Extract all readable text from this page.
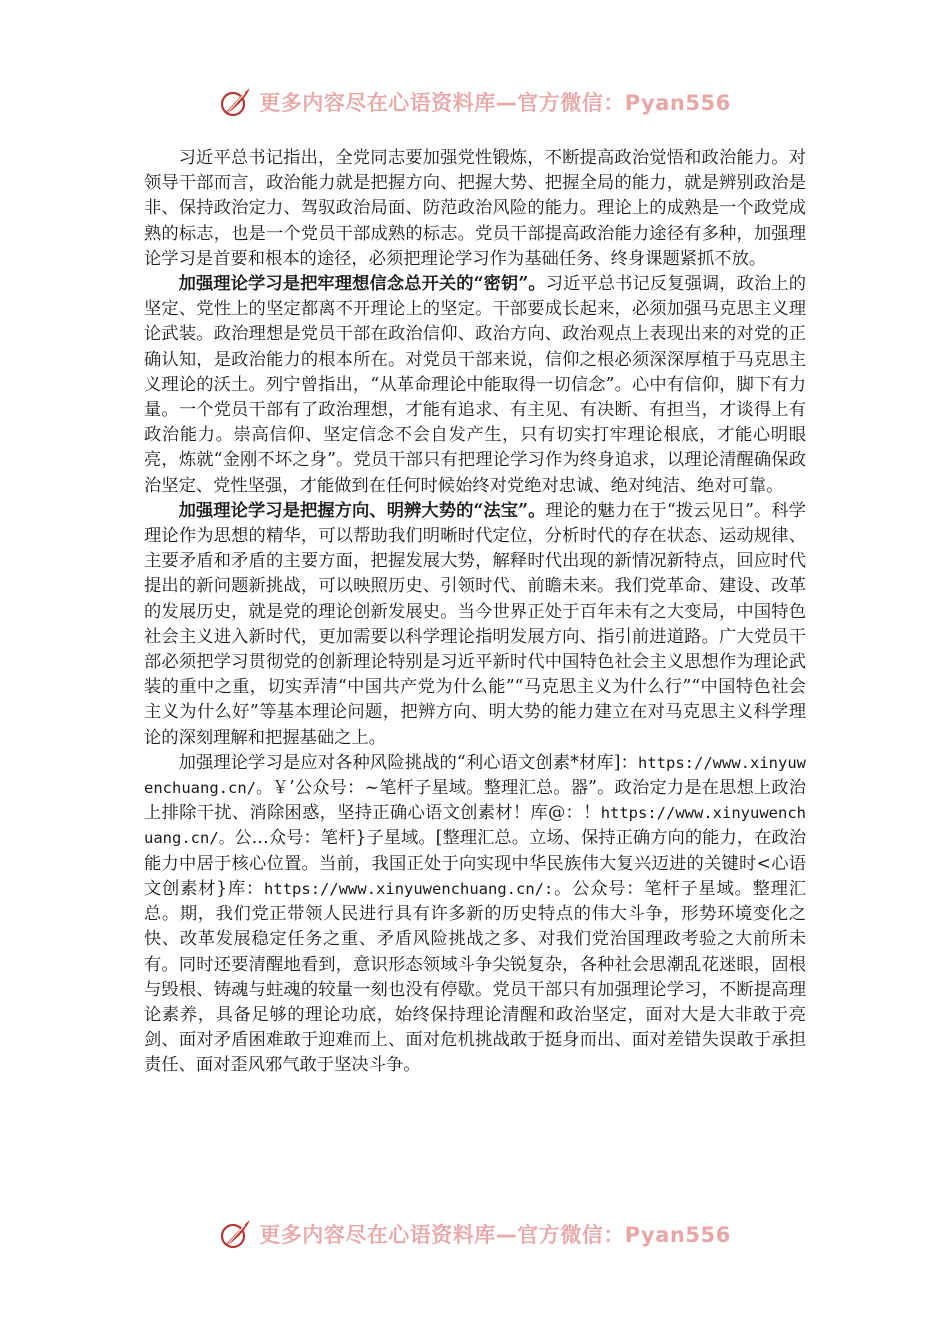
更多内容尽在心语资料库—官方微信：Pyan556

习近平总书记指出，全党同志要加强党性锻炼，不断提高政治觉悟和政治能力。对领导干部而言，政治能力就是把握方向、把握大势、把握全局的能力，就是辨别政治是非、保持政治定力、驾驭政治局面、防范政治风险的能力。理论上的成熟是一个政党成熟的标志，也是一个党员干部成熟的标志。党员干部提高政治能力途径有多种，加强理论学习是首要和根本的途径，必须把理论学习作为基础任务、终身课题紧抓不放。

加强理论学习是把牢理想信念总开关的“密钥”。习近平总书记反复强调，政治上的坚定、党性上的坚定都离不开理论上的坚定。干部要成长起来，必须加强马克思主义理论武装。政治理想是党员干部在政治信仰、政治方向、政治观点上表现出来的对党的正确认知，是政治能力的根本所在。对党员干部来说，信仰之根必须深深厚植于马克思主义理论的沃土。列宁曾指出，“从革命理论中能取得一切信念”。心中有信仰，脚下有力量。一个党员干部有了政治理想，才能有追求、有主见、有决断、有担当，才谈得上有政治能力。崇高信仰、坚定信念不会自发产生，只有切实打牢理论根底，才能心明眼亮，炼就“金刚不坏之身”。党员干部只有把理论学习作为终身追求，以理论清醒确保政治坚定、党性坚强，才能做到在任何时候始终对党绝对忠诚、绝对纯洁、绝对可靠。

加强理论学习是把握方向、明辨大势的“法宝”。理论的魅力在于“拨云见日”。科学理论作为思想的精华，可以帮助我们明晰时代定位，分析时代的存在状态、运动规律、主要矛盾和矛盾的主要方面，把握发展大势，解释时代出现的新情况新特点，回应时代提出的新问题新挑战，可以映照历史、引领时代、前瞻未来。我们党革命、建设、改革的发展历史，就是党的理论创新发展史。当今世界正处于百年未有之大变局，中国特色社会主义进入新时代，更加需要以科学理论指明发展方向、指引前进道路。广大党员干部必须把学习贯彻党的创新理论特别是习近平新时代中国特色社会主义思想作为理论武装的重中之重，切实弄清“中国共产党为什么能”“马克思主义为什么行”“中国特色社会主义为什么好”等基本理论问题，把辨方向、明大势的能力建立在对马克思主义科学理论的深刻理解和把握基础之上。

加强理论学习是应对各种风险挑战的“利心语文创素*材库]：https://www.xinyuwenchuang.cn/。￥’公众号：~笔杆子星域。整理汇总。器”。政治定力是在思想上政治上排除干扰、消除困惑，坚持正确心语文创素材！库@：！https://www.xinyuwenchuang.cn/。公…众号：笔杆}子星域。[整理汇总。立场、保持正确方向的能力，在政治能力中居于核心位置。当前，我国正处于向实现中华民族伟大复兴迈进的关键时<心语文创素材}库：https://www.xinyuwenchuang.cn/:。公众号：笔杆子星域。整理汇总。期，我们党正带领人民进行具有许多新的历史特点的伟大斗争，形势环境变化之快、改革发展稳定任务之重、矛盾风险挑战之多、对我们党治国理政考验之大前所未有。同时还要清醒地看到，意识形态领域斗争尖锐复杂，各种社会思潮乱花迷眼，固根与毁根、铸魂与蛀魂的较量一刻也没有停歇。党员干部只有加强理论学习，不断提高理论素养，具备足够的理论功底，始终保持理论清醒和政治坚定，面对大是大非敢于亮剑、面对矛盾困难敢于迎难而上、面对危机挑战敢于挺身而出、面对差错失误敢于承担责任、面对歪风邪气敢于坚决斗争。

更多内容尽在心语资料库—官方微信：Pyan556
